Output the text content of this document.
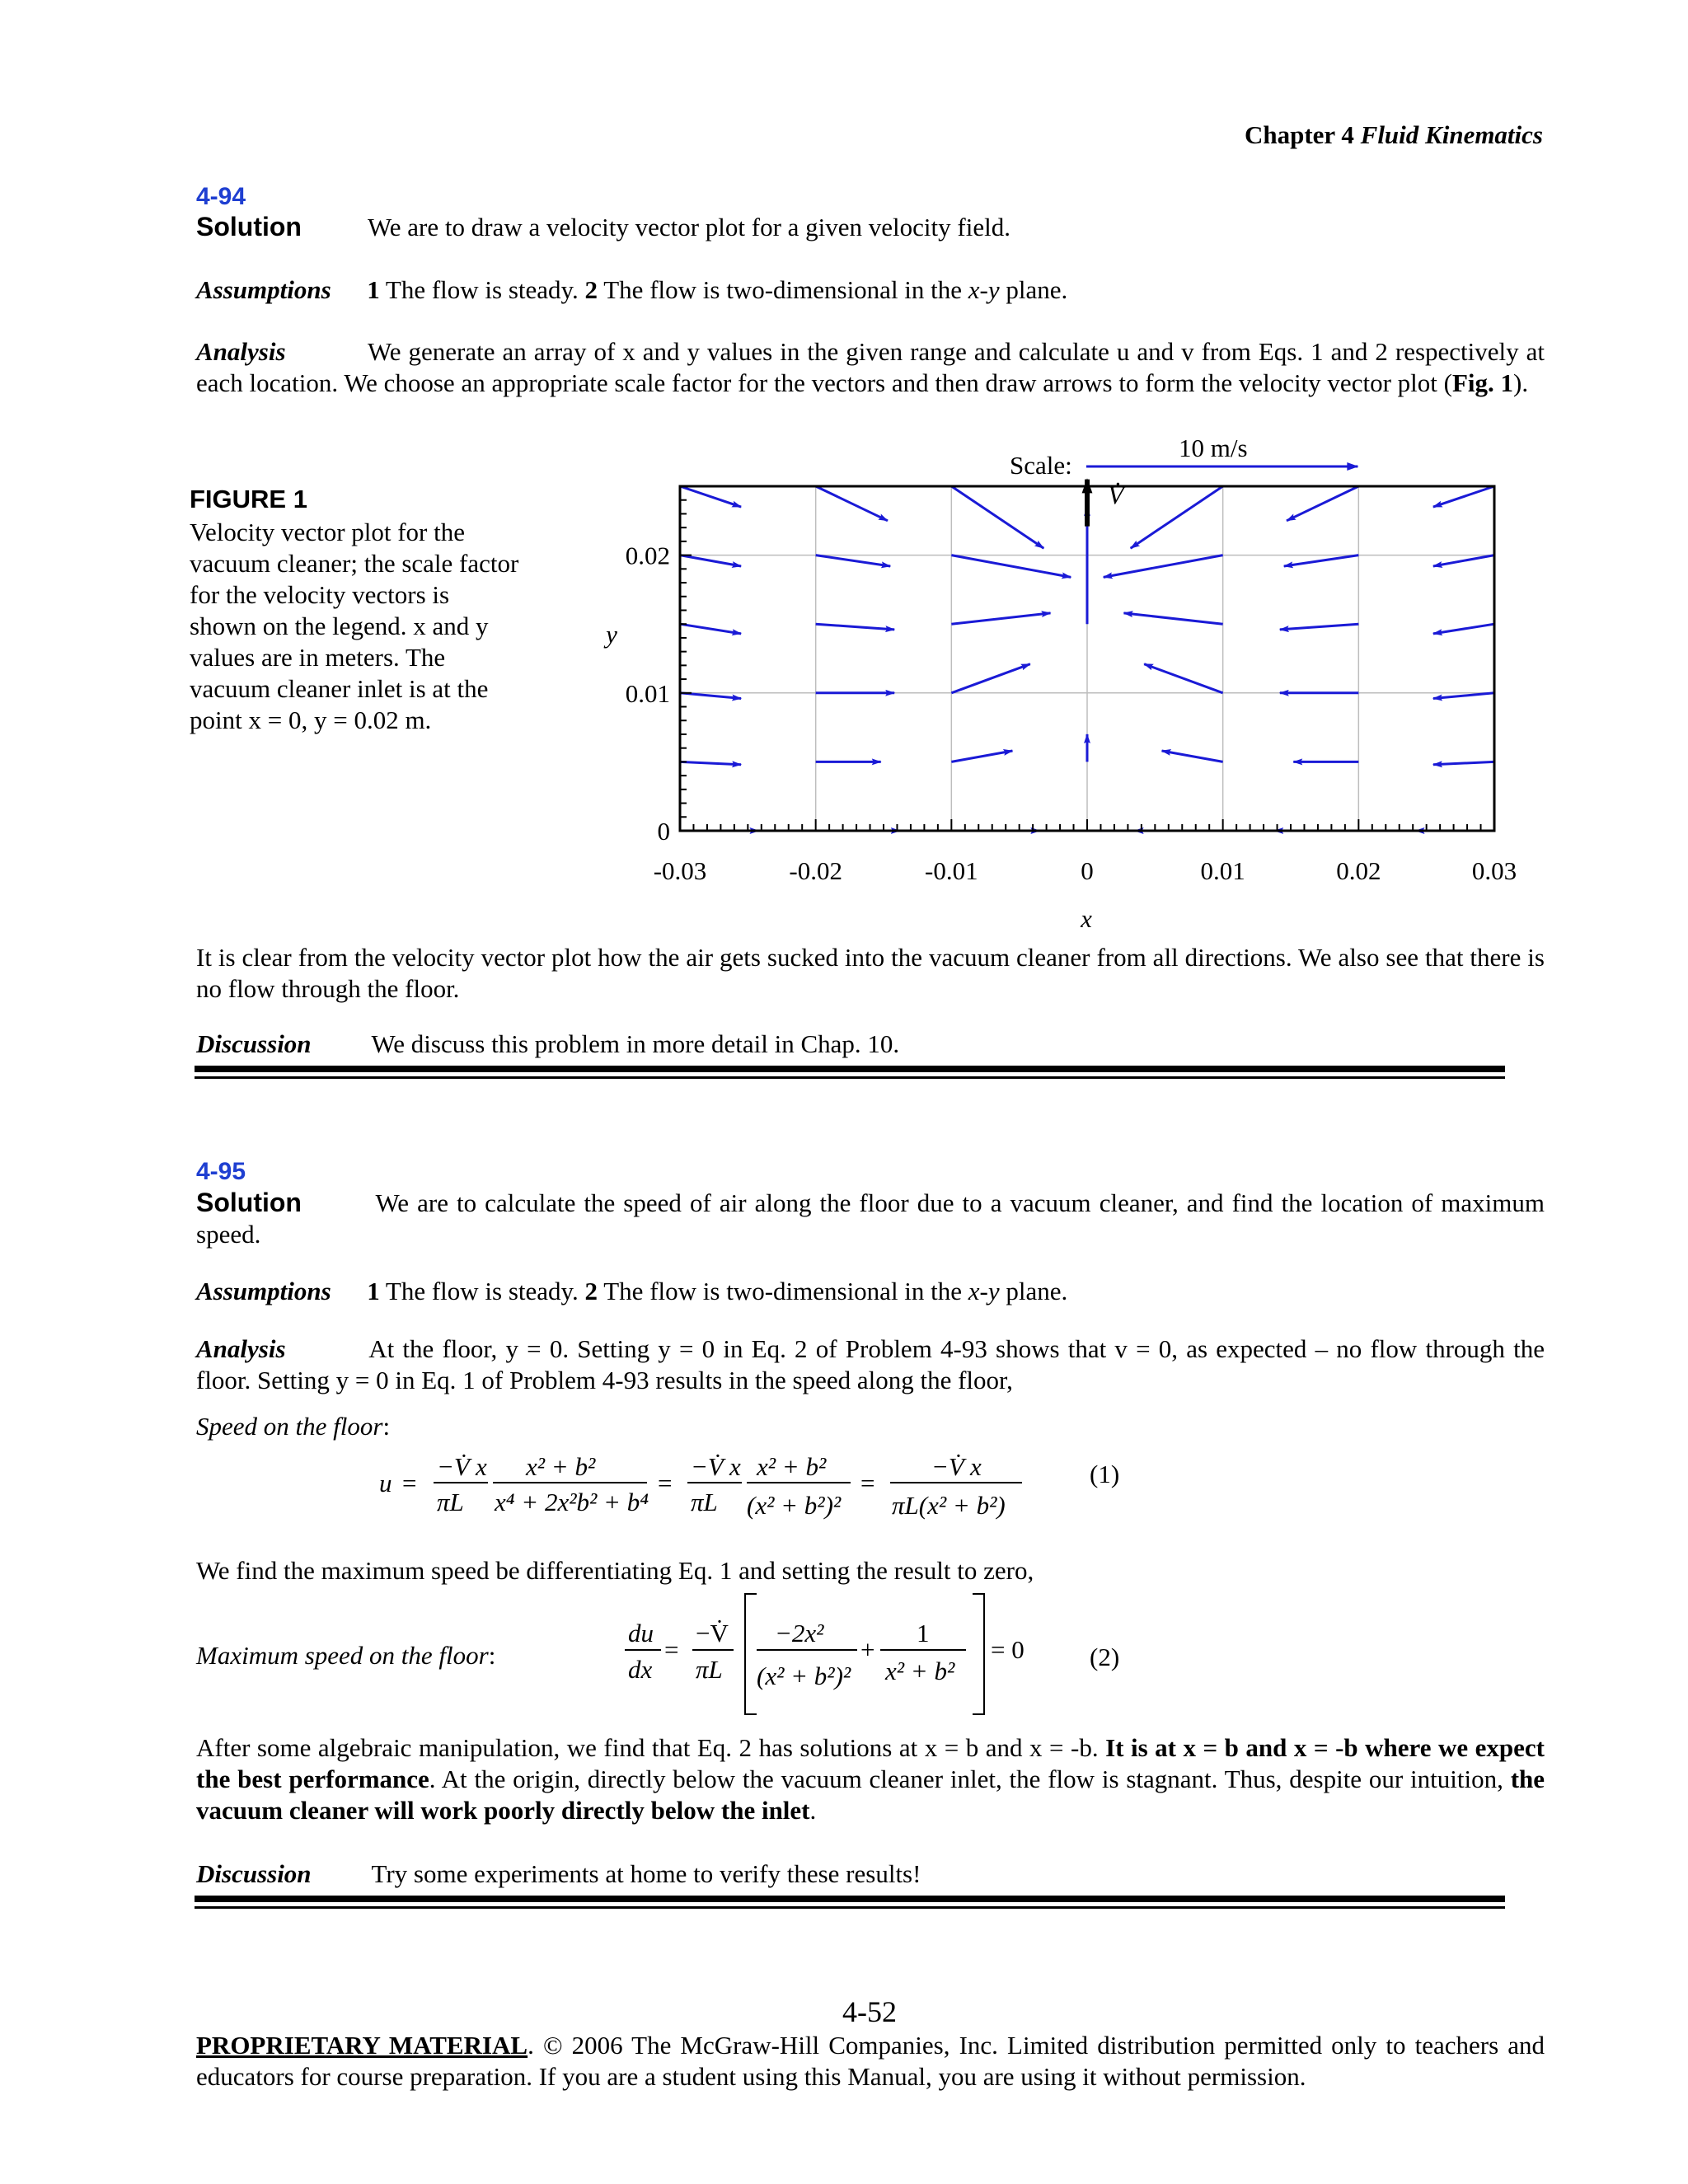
Chapter 4 Fluid Kinematics
4-94
Solution	We are to draw a velocity vector plot for a given velocity field.
Assumptions 1 The flow is steady. 2 The flow is two-dimensional in the x-y plane.
Analysis	We generate an array of x and y values in the given range and calculate u and v from Eqs. 1 and 2 respectively at each location. We choose an appropriate scale factor for the vectors and then draw arrows to form the velocity vector plot (Fig. 1).
FIGURE 1
Velocity vector plot for the vacuum cleaner; the scale factor for the velocity vectors is shown on the legend. x and y values are in meters. The vacuum cleaner inlet is at the point x = 0, y = 0.02 m.
-0.03	-0.02	-0.01	0	0.01	0.02	0.03
0
0.01
0.02
Scale:
10 m/s
V̇
x
y
It is clear from the velocity vector plot how the air gets sucked into the vacuum cleaner from all directions. We also see that there is no flow through the floor.
Discussion We discuss this problem in more detail in Chap. 10.
4-95
Solution	We are to calculate the speed of air along the floor due to a vacuum cleaner, and find the location of maximum speed.
Assumptions 1 The flow is steady. 2 The flow is two-dimensional in the x-y plane.
Analysis	At the floor, y = 0. Setting y = 0 in Eq. 2 of Problem 4-93 shows that v = 0, as expected – no flow through the floor. Setting y = 0 in Eq. 1 of Problem 4-93 results in the speed along the floor,
Speed on the floor:
u =
−V̇ x
πL
x² + b²
x⁴ + 2x²b² + b⁴
=
−V̇ x
πL
x² + b²
(x² + b²)²
=
−V̇ x
πL(x² + b²)
(1)
We find the maximum speed be differentiating Eq. 1 and setting the result to zero,
Maximum speed on the floor:
du
dx
=
−V̇
πL
−2x²
(x² + b²)²
+
1
x² + b²
= 0	(2)
After some algebraic manipulation, we find that Eq. 2 has solutions at x = b and x = -b. It is at x = b and x = -b where we expect the best performance. At the origin, directly below the vacuum cleaner inlet, the flow is stagnant. Thus, despite our intuition, the vacuum cleaner will work poorly directly below the inlet.
Discussion Try some experiments at home to verify these results!
4-52
PROPRIETARY MATERIAL. © 2006 The McGraw-Hill Companies, Inc. Limited distribution permitted only to teachers and educators for course preparation. If you are a student using this Manual, you are using it without permission.
